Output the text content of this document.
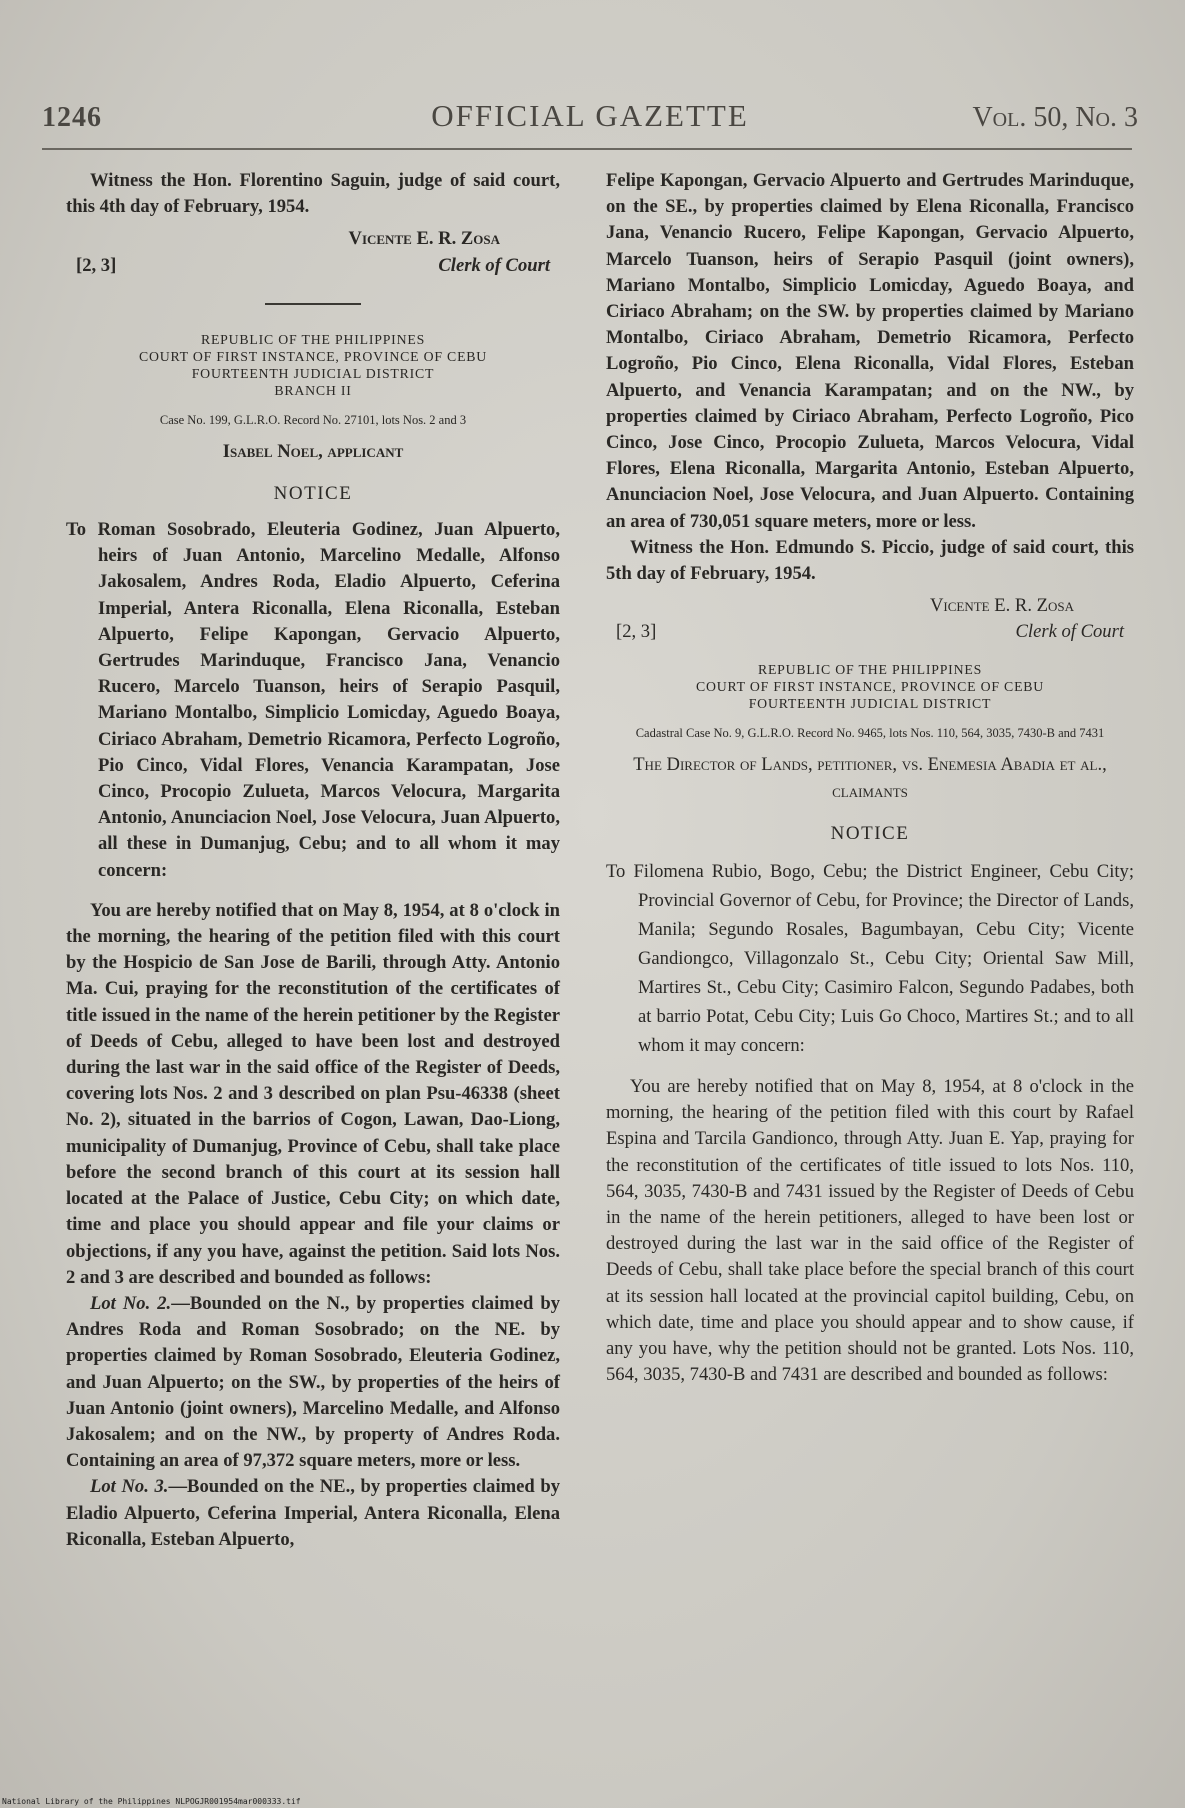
1246	OFFICIAL GAZETTE	Vol. 50, No. 3

Witness the Hon. Florentino Saguin, judge of said court, this 4th day of February, 1954.

Vicente E. R. Zosa
[2, 3]	Clerk of Court
REPUBLIC OF THE PHILIPPINES
COURT OF FIRST INSTANCE, PROVINCE OF CEBU
FOURTEENTH JUDICIAL DISTRICT
BRANCH II
Case No. 199, G.L.R.O. Record No. 27101, lots Nos. 2 and 3
Isabel Noel, applicant
NOTICE

To Roman Sosobrado, Eleuteria Godinez, Juan Alpuerto, heirs of Juan Antonio, Marcelino Medalle, Alfonso Jakosalem, Andres Roda, Eladio Alpuerto, Ceferina Imperial, Antera Riconalla, Elena Riconalla, Esteban Alpuerto, Felipe Kapongan, Gervacio Alpuerto, Gertrudes Marinduque, Francisco Jana, Venancio Rucero, Marcelo Tuanson, heirs of Serapio Pasquil, Mariano Montalbo, Simplicio Lomicday, Aguedo Boaya, Ciriaco Abraham, Demetrio Ricamora, Perfecto Logroño, Pio Cinco, Vidal Flores, Venancia Karampatan, Jose Cinco, Procopio Zulueta, Marcos Velocura, Margarita Antonio, Anunciacion Noel, Jose Velocura, Juan Alpuerto, all these in Dumanjug, Cebu; and to all whom it may concern:

You are hereby notified that on May 8, 1954, at 8 o'clock in the morning, the hearing of the petition filed with this court by the Hospicio de San Jose de Barili, through Atty. Antonio Ma. Cui, praying for the reconstitution of the certificates of title issued in the name of the herein petitioner by the Register of Deeds of Cebu, alleged to have been lost and destroyed during the last war in the said office of the Register of Deeds, covering lots Nos. 2 and 3 described on plan Psu-46338 (sheet No. 2), situated in the barrios of Cogon, Lawan, Dao-Liong, municipality of Dumanjug, Province of Cebu, shall take place before the second branch of this court at its session hall located at the Palace of Justice, Cebu City; on which date, time and place you should appear and file your claims or objections, if any you have, against the petition. Said lots Nos. 2 and 3 are described and bounded as follows:

Lot No. 2.—Bounded on the N., by properties claimed by Andres Roda and Roman Sosobrado; on the NE. by properties claimed by Roman Sosobrado, Eleuteria Godinez, and Juan Alpuerto; on the SW., by properties of the heirs of Juan Antonio (joint owners), Marcelino Medalle, and Alfonso Jakosalem; and on the NW., by property of Andres Roda. Containing an area of 97,372 square meters, more or less.

Lot No. 3.—Bounded on the NE., by properties claimed by Eladio Alpuerto, Ceferina Imperial, Antera Riconalla, Elena Riconalla, Esteban Alpuerto,

Felipe Kapongan, Gervacio Alpuerto and Gertrudes Marinduque, on the SE., by properties claimed by Elena Riconalla, Francisco Jana, Venancio Rucero, Felipe Kapongan, Gervacio Alpuerto, Marcelo Tuanson, heirs of Serapio Pasquil (joint owners), Mariano Montalbo, Simplicio Lomicday, Aguedo Boaya, and Ciriaco Abraham; on the SW. by properties claimed by Mariano Montalbo, Ciriaco Abraham, Demetrio Ricamora, Perfecto Logroño, Pio Cinco, Elena Riconalla, Vidal Flores, Esteban Alpuerto, and Venancia Karampatan; and on the NW., by properties claimed by Ciriaco Abraham, Perfecto Logroño, Pico Cinco, Jose Cinco, Procopio Zulueta, Marcos Velocura, Vidal Flores, Elena Riconalla, Margarita Antonio, Esteban Alpuerto, Anunciacion Noel, Jose Velocura, and Juan Alpuerto. Containing an area of 730,051 square meters, more or less.

Witness the Hon. Edmundo S. Piccio, judge of said court, this 5th day of February, 1954.

Vicente E. R. Zosa
[2, 3]	Clerk of Court
REPUBLIC OF THE PHILIPPINES
COURT OF FIRST INSTANCE, PROVINCE OF CEBU
FOURTEENTH JUDICIAL DISTRICT
Cadastral Case No. 9, G.L.R.O. Record No. 9465, lots Nos. 110, 564, 3035, 7430-B and 7431
The Director of Lands, petitioner, vs. Enemesia Abadia et al., claimants
NOTICE

To Filomena Rubio, Bogo, Cebu; the District Engineer, Cebu City; Provincial Governor of Cebu, for Province; the Director of Lands, Manila; Segundo Rosales, Bagumbayan, Cebu City; Vicente Gandiongco, Villagonzalo St., Cebu City; Oriental Saw Mill, Martires St., Cebu City; Casimiro Falcon, Segundo Padabes, both at barrio Potat, Cebu City; Luis Go Choco, Martires St.; and to all whom it may concern:

You are hereby notified that on May 8, 1954, at 8 o'clock in the morning, the hearing of the petition filed with this court by Rafael Espina and Tarcila Gandionco, through Atty. Juan E. Yap, praying for the reconstitution of the certificates of title issued to lots Nos. 110, 564, 3035, 7430-B and 7431 issued by the Register of Deeds of Cebu in the name of the herein petitioners, alleged to have been lost or destroyed during the last war in the said office of the Register of Deeds of Cebu, shall take place before the special branch of this court at its session hall located at the provincial capitol building, Cebu, on which date, time and place you should appear and to show cause, if any you have, why the petition should not be granted. Lots Nos. 110, 564, 3035, 7430-B and 7431 are described and bounded as follows:

National Library of the Philippines NLPOGJR001954mar000333.tif
